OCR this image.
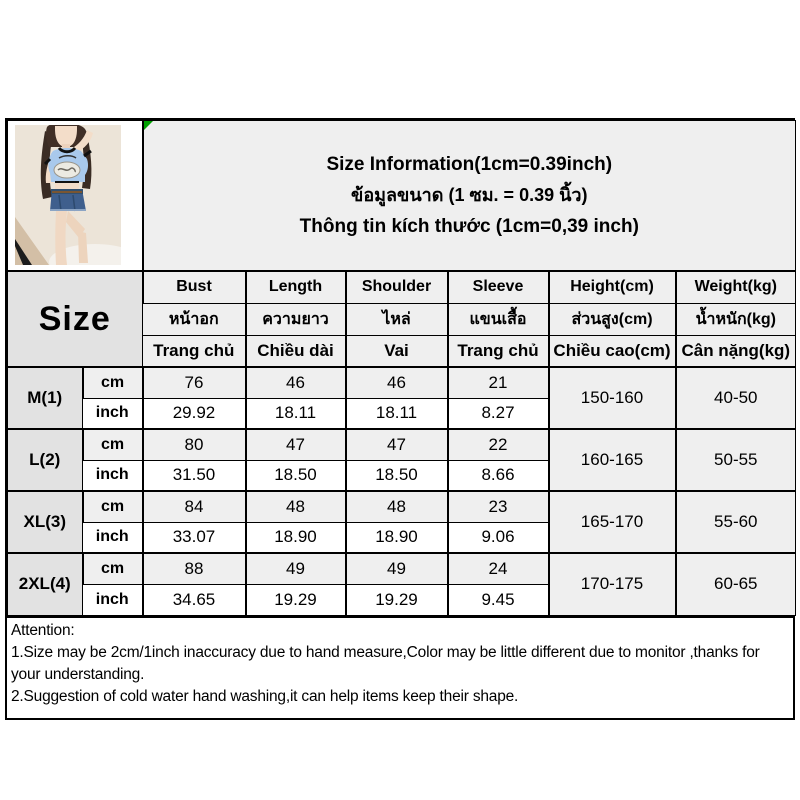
Size Information(1cm=0.39inch)
ข้อมูลขนาด (1 ซม. = 0.39 นิ้ว)
Thông tin kích thước (1cm=0,39 inch)					

Size		Bust	Length	Shoulder	Sleeve	Height(cm)	Weight(kg)
		หน้าอก	ความยาว	ไหล่	แขนเสื้อ	ส่วนสูง(cm)	น้ำหนัก(kg)
		Trang chủ	Chiều dài	Vai	Trang chủ	Chiều cao(cm)	Cân nặng(kg)
M(1)	cm	76	46	46	21	150-160	40-50
	inch	29.92	18.11	18.11	8.27		
L(2)	cm	80	47	47	22	160-165	50-55
	inch	31.50	18.50	18.50	8.66		
XL(3)	cm	84	48	48	23	165-170	55-60
	inch	33.07	18.90	18.90	9.06		
2XL(4)	cm	88	49	49	24	170-175	60-65
	inch	34.65	19.29	19.29	9.45		
Attention:
1.Size may be 2cm/1inch inaccuracy due to hand measure,Color may be little different due to monitor ,thanks for your understanding.
2.Suggestion of cold water hand washing,it can help items keep their shape.
